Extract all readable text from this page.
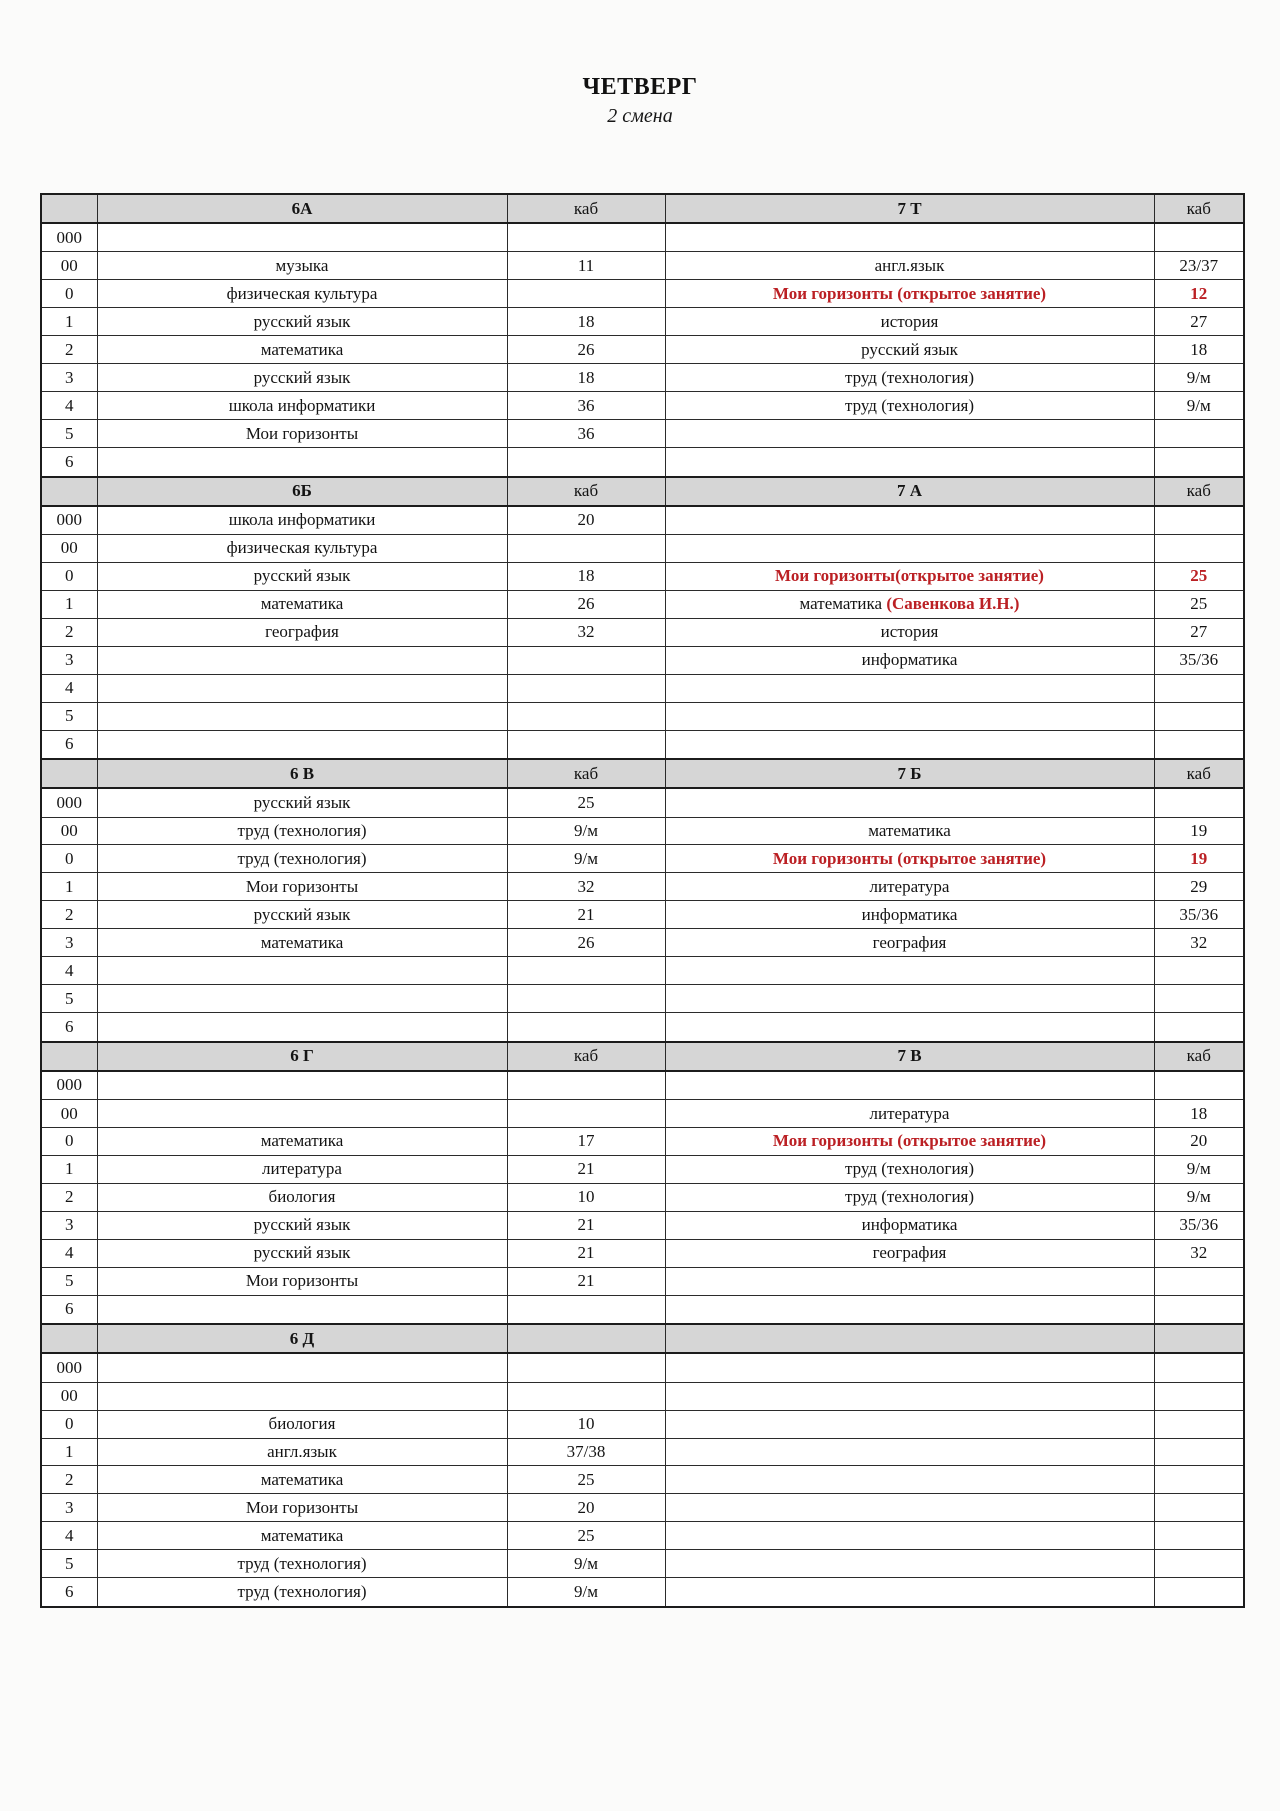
ЧЕТВЕРГ
2 смена
	6А	каб	7 Т	каб
000				
00	музыка	11	англ.язык	23/37
0	физическая культура		Мои горизонты (открытое занятие)	12
1	русский язык	18	история	27
2	математика	26	русский язык	18
3	русский язык	18	труд (технология)	9/м
4	школа информатики	36	труд (технология)	9/м
5	Мои горизонты	36		
6				
	6Б	каб	7 А	каб
000	школа информатики	20		
00	физическая культура			
0	русский язык	18	Мои горизонты(открытое занятие)	25
1	математика	26	математика (Савенкова И.Н.)	25
2	география	32	история	27
3			информатика	35/36
4				
5				
6				
	6 В	каб	7 Б	каб
000	русский язык	25		
00	труд (технология)	9/м	математика	19
0	труд (технология)	9/м	Мои горизонты (открытое занятие)	19
1	Мои горизонты	32	литература	29
2	русский язык	21	информатика	35/36
3	математика	26	география	32
4				
5				
6				
	6 Г	каб	7 В	каб
000				
00			литература	18
0	математика	17	Мои горизонты (открытое занятие)	20
1	литература	21	труд (технология)	9/м
2	биология	10	труд (технология)	9/м
3	русский язык	21	информатика	35/36
4	русский язык	21	география	32
5	Мои горизонты	21		
6				
	6 Д			
000				
00				
0	биология	10		
1	англ.язык	37/38		
2	математика	25		
3	Мои горизонты	20		
4	математика	25		
5	труд (технология)	9/м		
6	труд (технология)	9/м		
